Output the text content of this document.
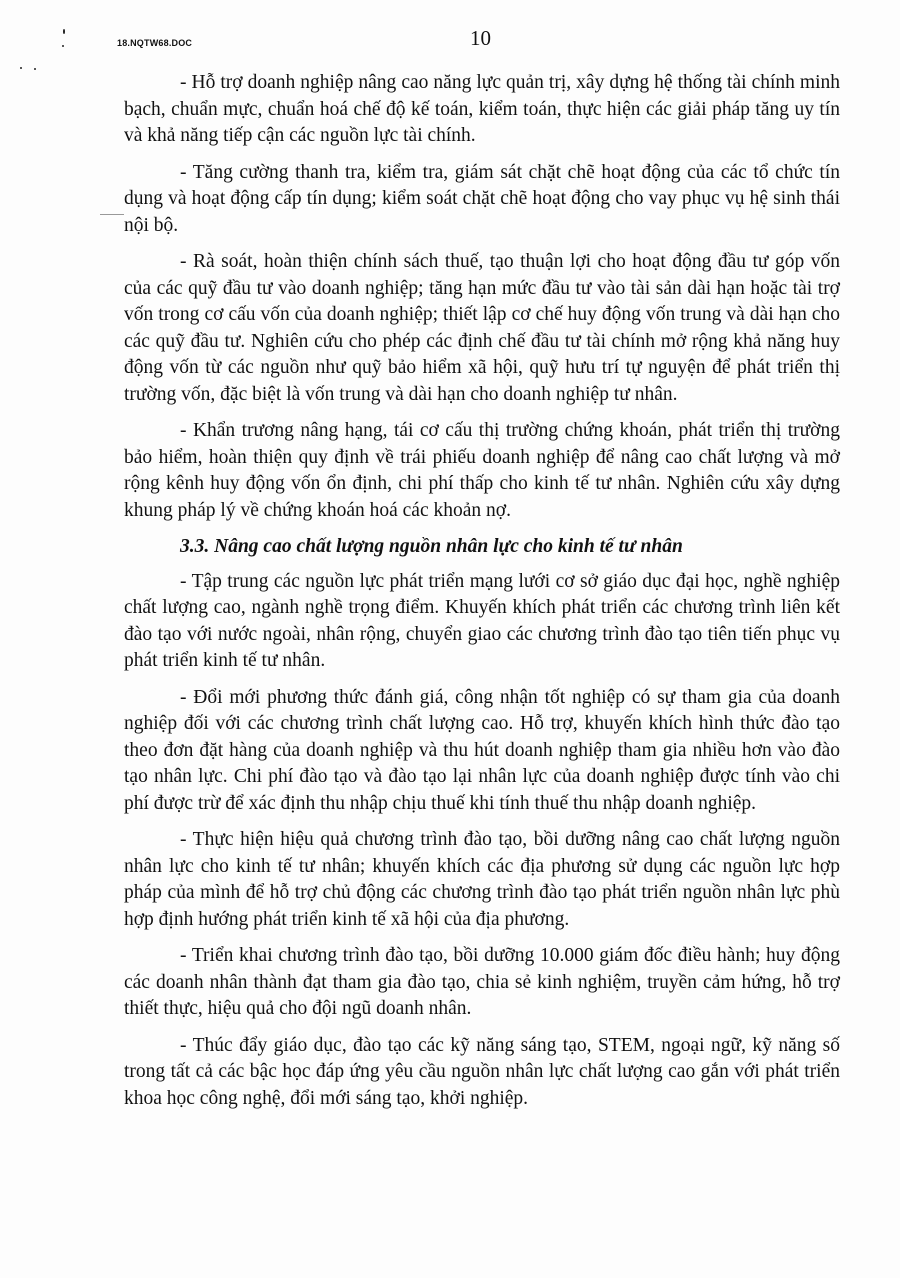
18.NQTW68.DOC	10

- Hỗ trợ doanh nghiệp nâng cao năng lực quản trị, xây dựng hệ thống tài chính minh bạch, chuẩn mực, chuẩn hoá chế độ kế toán, kiểm toán, thực hiện các giải pháp tăng uy tín và khả năng tiếp cận các nguồn lực tài chính.

- Tăng cường thanh tra, kiểm tra, giám sát chặt chẽ hoạt động của các tổ chức tín dụng và hoạt động cấp tín dụng; kiểm soát chặt chẽ hoạt động cho vay phục vụ hệ sinh thái nội bộ.

- Rà soát, hoàn thiện chính sách thuế, tạo thuận lợi cho hoạt động đầu tư góp vốn của các quỹ đầu tư vào doanh nghiệp; tăng hạn mức đầu tư vào tài sản dài hạn hoặc tài trợ vốn trong cơ cấu vốn của doanh nghiệp; thiết lập cơ chế huy động vốn trung và dài hạn cho các quỹ đầu tư. Nghiên cứu cho phép các định chế đầu tư tài chính mở rộng khả năng huy động vốn từ các nguồn như quỹ bảo hiểm xã hội, quỹ hưu trí tự nguyện để phát triển thị trường vốn, đặc biệt là vốn trung và dài hạn cho doanh nghiệp tư nhân.

- Khẩn trương nâng hạng, tái cơ cấu thị trường chứng khoán, phát triển thị trường bảo hiểm, hoàn thiện quy định về trái phiếu doanh nghiệp để nâng cao chất lượng và mở rộng kênh huy động vốn ổn định, chi phí thấp cho kinh tế tư nhân. Nghiên cứu xây dựng khung pháp lý về chứng khoán hoá các khoản nợ.

3.3. Nâng cao chất lượng nguồn nhân lực cho kinh tế tư nhân

- Tập trung các nguồn lực phát triển mạng lưới cơ sở giáo dục đại học, nghề nghiệp chất lượng cao, ngành nghề trọng điểm. Khuyến khích phát triển các chương trình liên kết đào tạo với nước ngoài, nhân rộng, chuyển giao các chương trình đào tạo tiên tiến phục vụ phát triển kinh tế tư nhân.

- Đổi mới phương thức đánh giá, công nhận tốt nghiệp có sự tham gia của doanh nghiệp đối với các chương trình chất lượng cao. Hỗ trợ, khuyến khích hình thức đào tạo theo đơn đặt hàng của doanh nghiệp và thu hút doanh nghiệp tham gia nhiều hơn vào đào tạo nhân lực. Chi phí đào tạo và đào tạo lại nhân lực của doanh nghiệp được tính vào chi phí được trừ để xác định thu nhập chịu thuế khi tính thuế thu nhập doanh nghiệp.

- Thực hiện hiệu quả chương trình đào tạo, bồi dưỡng nâng cao chất lượng nguồn nhân lực cho kinh tế tư nhân; khuyến khích các địa phương sử dụng các nguồn lực hợp pháp của mình để hỗ trợ chủ động các chương trình đào tạo phát triển nguồn nhân lực phù hợp định hướng phát triển kinh tế xã hội của địa phương.

- Triển khai chương trình đào tạo, bồi dưỡng 10.000 giám đốc điều hành; huy động các doanh nhân thành đạt tham gia đào tạo, chia sẻ kinh nghiệm, truyền cảm hứng, hỗ trợ thiết thực, hiệu quả cho đội ngũ doanh nhân.

- Thúc đẩy giáo dục, đào tạo các kỹ năng sáng tạo, STEM, ngoại ngữ, kỹ năng số trong tất cả các bậc học đáp ứng yêu cầu nguồn nhân lực chất lượng cao gắn với phát triển khoa học công nghệ, đổi mới sáng tạo, khởi nghiệp.
